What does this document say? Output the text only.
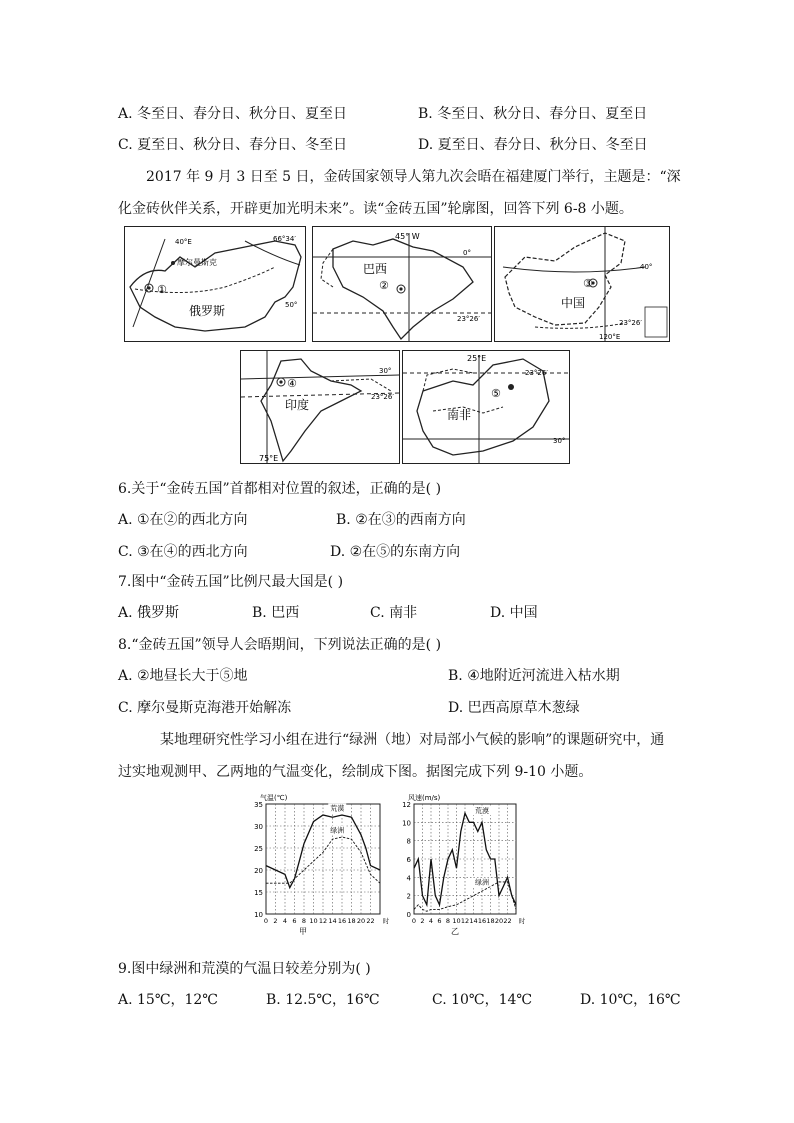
A. 冬至日、春分日、秋分日、夏至日	B. 冬至日、秋分日、春分日、夏至日
C. 夏至日、秋分日、春分日、冬至日	D. 夏至日、春分日、秋分日、冬至日
2017 年 9 月 3 日至 5 日，金砖国家领导人第九次会晤在福建厦门举行，主题是：“深
化金砖伙伴关系，开辟更加光明未来”。读“金砖五国”轮廓图，回答下列 6-8 小题。
40°E
摩尔曼斯克
66°34′
50°
①
俄罗斯
45° W
0°
23°26′
巴西
②
40°
23°26′
120°E
中国
③
30°
23°26′
75°E
④
印度
25°E
23°26′
30°
南非
⑤
6.关于“金砖五国”首都相对位置的叙述，正确的是( )
A. ①在②的西北方向	B. ②在③的西南方向
C. ③在④的西北方向	D. ②在⑤的东南方向
7.图中“金砖五国”比例尺最大国是( )
A. 俄罗斯	B. 巴西	C. 南非	D. 中国
8.“金砖五国”领导人会晤期间，下列说法正确的是( )
A. ②地昼长大于⑤地	B. ④地附近河流进入枯水期
C. 摩尔曼斯克海港开始解冻	D. 巴西高原草木葱绿
某地理研究性学习小组在进行“绿洲（地）对局部小气候的影响”的课题研究中，通
过实地观测甲、乙两地的气温变化，绘制成下图。据图完成下列 9-10 小题。
10
15
20
25
30
35
0 2 4 6 8 10 12 14 16 18 20 22 时
气温(℃)
甲
荒漠
绿洲
0
2
4
6
8
10
12
0 2 4 6 8 10 12 14 16 18 20 22 时
风速(m/s)
乙
荒漠
绿洲
9.图中绿洲和荒漠的气温日较差分别为( )
A. 15℃，12℃	B. 12.5℃，16℃	C. 10℃，14℃	D. 10℃，16℃
